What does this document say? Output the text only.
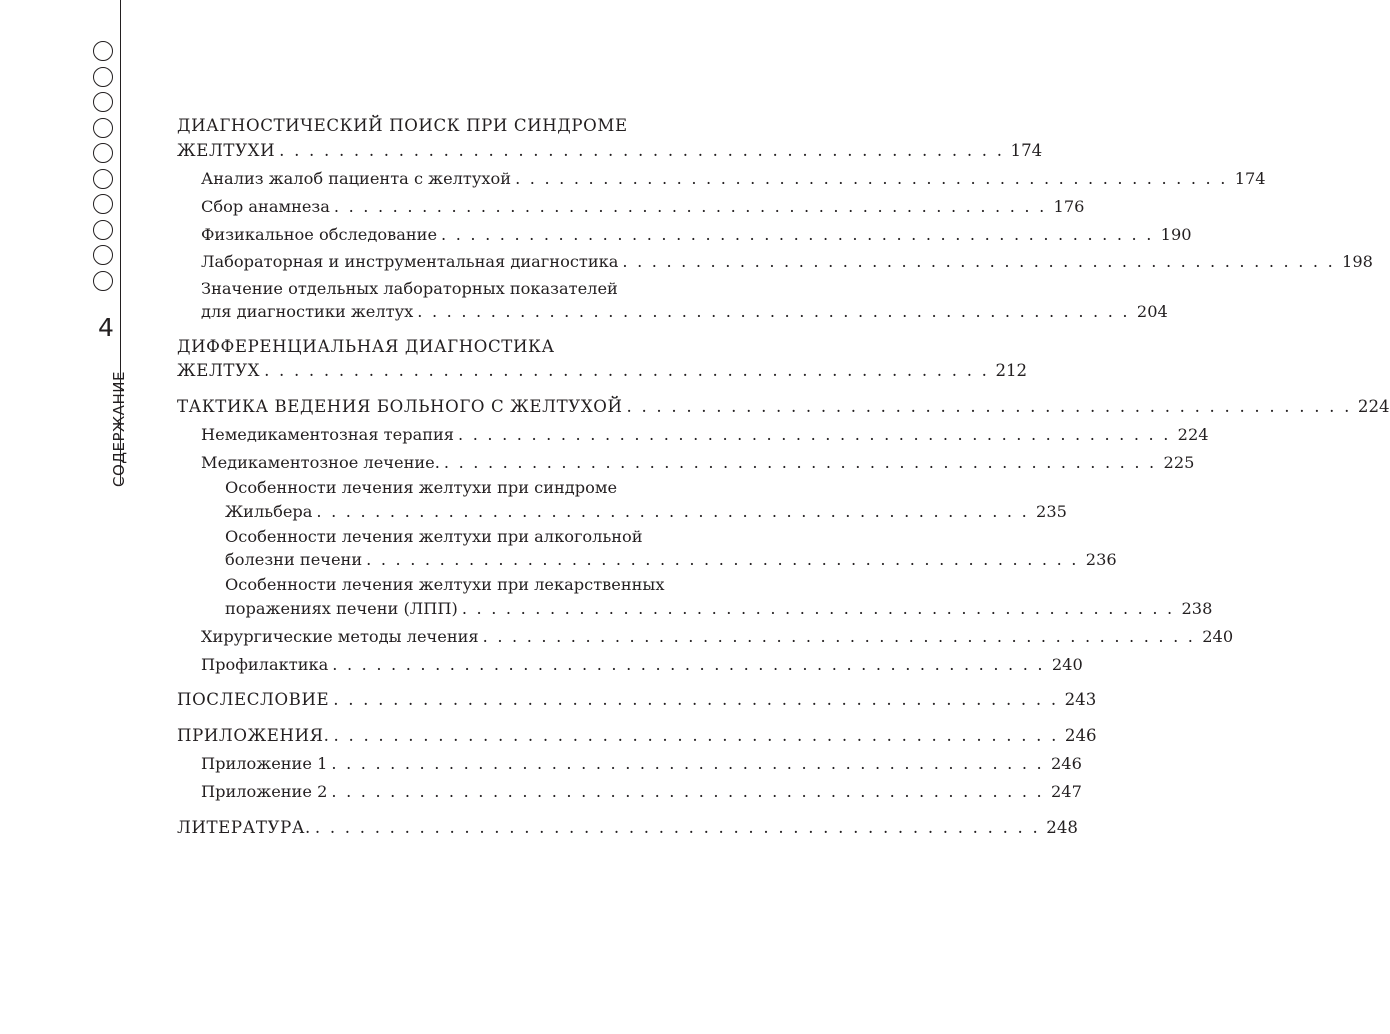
4
СОДЕРЖАНИЕ
ДИАГНОСТИЧЕСКИЙ ПОИСК ПРИ СИНДРОМЕ
ЖЕЛТУХИ . . . . . . . . . . . . . . . . . . . . . . . . . . . . . . . . . . . . . . . . . . . . . . . . . 174
Анализ жалоб пациента с желтухой . . . . . . . . . . . . . . . . . . . . . . . . . . . . . . . . . . . . . . . . . . . . . . . . . 174
Сбор анамнеза . . . . . . . . . . . . . . . . . . . . . . . . . . . . . . . . . . . . . . . . . . . . . . . . . 176
Физикальное обследование . . . . . . . . . . . . . . . . . . . . . . . . . . . . . . . . . . . . . . . . . . . . . . . . . 190
Лабораторная и инструментальная диагностика . . . . . . . . . . . . . . . . . . . . . . . . . . . . . . . . . . . . . . . . . . . . . . . . . 198
Значение отдельных лабораторных показателей
для диагностики желтух . . . . . . . . . . . . . . . . . . . . . . . . . . . . . . . . . . . . . . . . . . . . . . . . . 204
ДИФФЕРЕНЦИАЛЬНАЯ ДИАГНОСТИКА
ЖЕЛТУХ . . . . . . . . . . . . . . . . . . . . . . . . . . . . . . . . . . . . . . . . . . . . . . . . . 212
ТАКТИКА ВЕДЕНИЯ БОЛЬНОГО С ЖЕЛТУХОЙ . . . . . . . . . . . . . . . . . . . . . . . . . . . . . . . . . . . . . . . . . . . . . . . . . 224
Немедикаментозная терапия . . . . . . . . . . . . . . . . . . . . . . . . . . . . . . . . . . . . . . . . . . . . . . . . . 224
Медикаментозное лечение. . . . . . . . . . . . . . . . . . . . . . . . . . . . . . . . . . . . . . . . . . . . . . . . . . 225
Особенности лечения желтухи при синдроме
Жильбера . . . . . . . . . . . . . . . . . . . . . . . . . . . . . . . . . . . . . . . . . . . . . . . . . 235
Особенности лечения желтухи при алкогольной
болезни печени . . . . . . . . . . . . . . . . . . . . . . . . . . . . . . . . . . . . . . . . . . . . . . . . . 236
Особенности лечения желтухи при лекарственных
поражениях печени (ЛПП) . . . . . . . . . . . . . . . . . . . . . . . . . . . . . . . . . . . . . . . . . . . . . . . . . 238
Хирургические методы лечения . . . . . . . . . . . . . . . . . . . . . . . . . . . . . . . . . . . . . . . . . . . . . . . . . 240
Профилактика . . . . . . . . . . . . . . . . . . . . . . . . . . . . . . . . . . . . . . . . . . . . . . . . . 240
ПОСЛЕСЛОВИЕ . . . . . . . . . . . . . . . . . . . . . . . . . . . . . . . . . . . . . . . . . . . . . . . . . 243
ПРИЛОЖЕНИЯ. . . . . . . . . . . . . . . . . . . . . . . . . . . . . . . . . . . . . . . . . . . . . . . . . . 246
Приложение 1 . . . . . . . . . . . . . . . . . . . . . . . . . . . . . . . . . . . . . . . . . . . . . . . . . 246
Приложение 2 . . . . . . . . . . . . . . . . . . . . . . . . . . . . . . . . . . . . . . . . . . . . . . . . . 247
ЛИТЕРАТУРА. . . . . . . . . . . . . . . . . . . . . . . . . . . . . . . . . . . . . . . . . . . . . . . . . . 248
